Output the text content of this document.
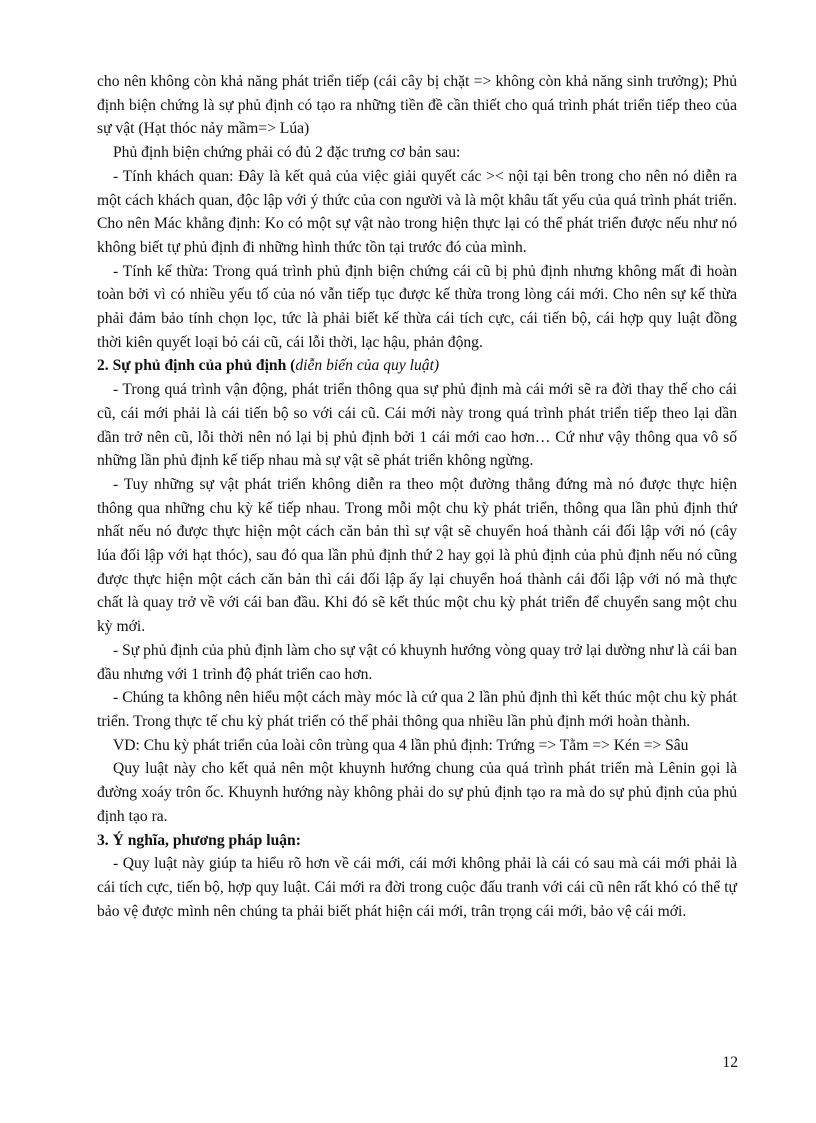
cho nên không còn khả năng phát triển tiếp (cái cây bị chặt => không còn khả năng sinh trưởng); Phủ định biện chứng là sự phủ định có tạo ra những tiền đề cần thiết cho quá trình phát triển tiếp theo của sự vật (Hạt thóc nảy mầm=> Lúa)

Phủ định biện chứng phải có đủ 2 đặc trưng cơ bản sau:

- Tính khách quan: Đây là kết quả của việc giải quyết các >< nội tại bên trong cho nên nó diễn ra một cách khách quan, độc lập với ý thức của con người và là một khâu tất yếu của quá trình phát triển. Cho nên Mác khẳng định: Ko có một sự vật nào trong hiện thực lại có thể phát triển được nếu như nó không biết tự phủ định đi những hình thức tồn tại trước đó của mình.

- Tính kế thừa: Trong quá trình phủ định biện chứng cái cũ bị phủ định nhưng không mất đi hoàn toàn bởi vì có nhiều yếu tố của nó vẫn tiếp tục được kế thừa trong lòng cái mới. Cho nên sự kế thừa phải đảm bảo tính chọn lọc, tức là phải biết kế thừa cái tích cực, cái tiến bộ, cái hợp quy luật đồng thời kiên quyết loại bỏ cái cũ, cái lỗi thời, lạc hậu, phản động.

2. Sự phủ định của phủ định (diễn biến của quy luật)

- Trong quá trình vận động, phát triển thông qua sự phủ định mà cái mới sẽ ra đời thay thế cho cái cũ, cái mới phải là cái tiến bộ so với cái cũ. Cái mới này trong quá trình phát triển tiếp theo lại dần dần trở nên cũ, lỗi thời nên nó lại bị phủ định bởi 1 cái mới cao hơn… Cứ như vậy thông qua vô số những lần phủ định kế tiếp nhau mà sự vật sẽ phát triển không ngừng.

- Tuy những sự vật phát triển không diễn ra theo một đường thẳng đứng mà nó được thực hiện thông qua những chu kỳ kế tiếp nhau. Trong mỗi một chu kỳ phát triển, thông qua lần phủ định thứ nhất nếu nó được thực hiện một cách căn bản thì sự vật sẽ chuyển hoá thành cái đối lập với nó (cây lúa đối lập với hạt thóc), sau đó qua lần phủ định thứ 2 hay gọi là phủ định của phủ định nếu nó cũng được thực hiện một cách căn bản thì cái đối lập ấy lại chuyển hoá thành cái đối lập với nó mà thực chất là quay trở về với cái ban đầu. Khi đó sẽ kết thúc một chu kỳ phát triển để chuyển sang một chu kỳ mới.

- Sự phủ định của phủ định làm cho sự vật có khuynh hướng vòng quay trở lại dường như là cái ban đầu nhưng với 1 trình độ phát triển cao hơn.

- Chúng ta không nên hiểu một cách mày móc là cứ qua 2 lần phủ định thì kết thúc một chu kỳ phát triển. Trong thực tế chu kỳ phát triển có thể phải thông qua nhiều lần phủ định mới hoàn thành.

VD: Chu kỳ phát triển của loài côn trùng qua 4 lần phủ định: Trứng => Tằm => Kén => Sâu

Quy luật này cho kết quả nên một khuynh hướng chung của quá trình phát triển mà Lênin gọi là đường xoáy trôn ốc. Khuynh hướng này không phải do sự phủ định tạo ra mà do sự phủ định của phủ định tạo ra.

3. Ý nghĩa, phương pháp luận:

- Quy luật này giúp ta hiểu rõ hơn về cái mới, cái mới không phải là cái có sau mà cái mới phải là cái tích cực, tiến bộ, hợp quy luật. Cái mới ra đời trong cuộc đấu tranh với cái cũ nên rất khó có thể tự bảo vệ được mình nên chúng ta phải biết phát hiện cái mới, trân trọng cái mới, bảo vệ cái mới.

12
